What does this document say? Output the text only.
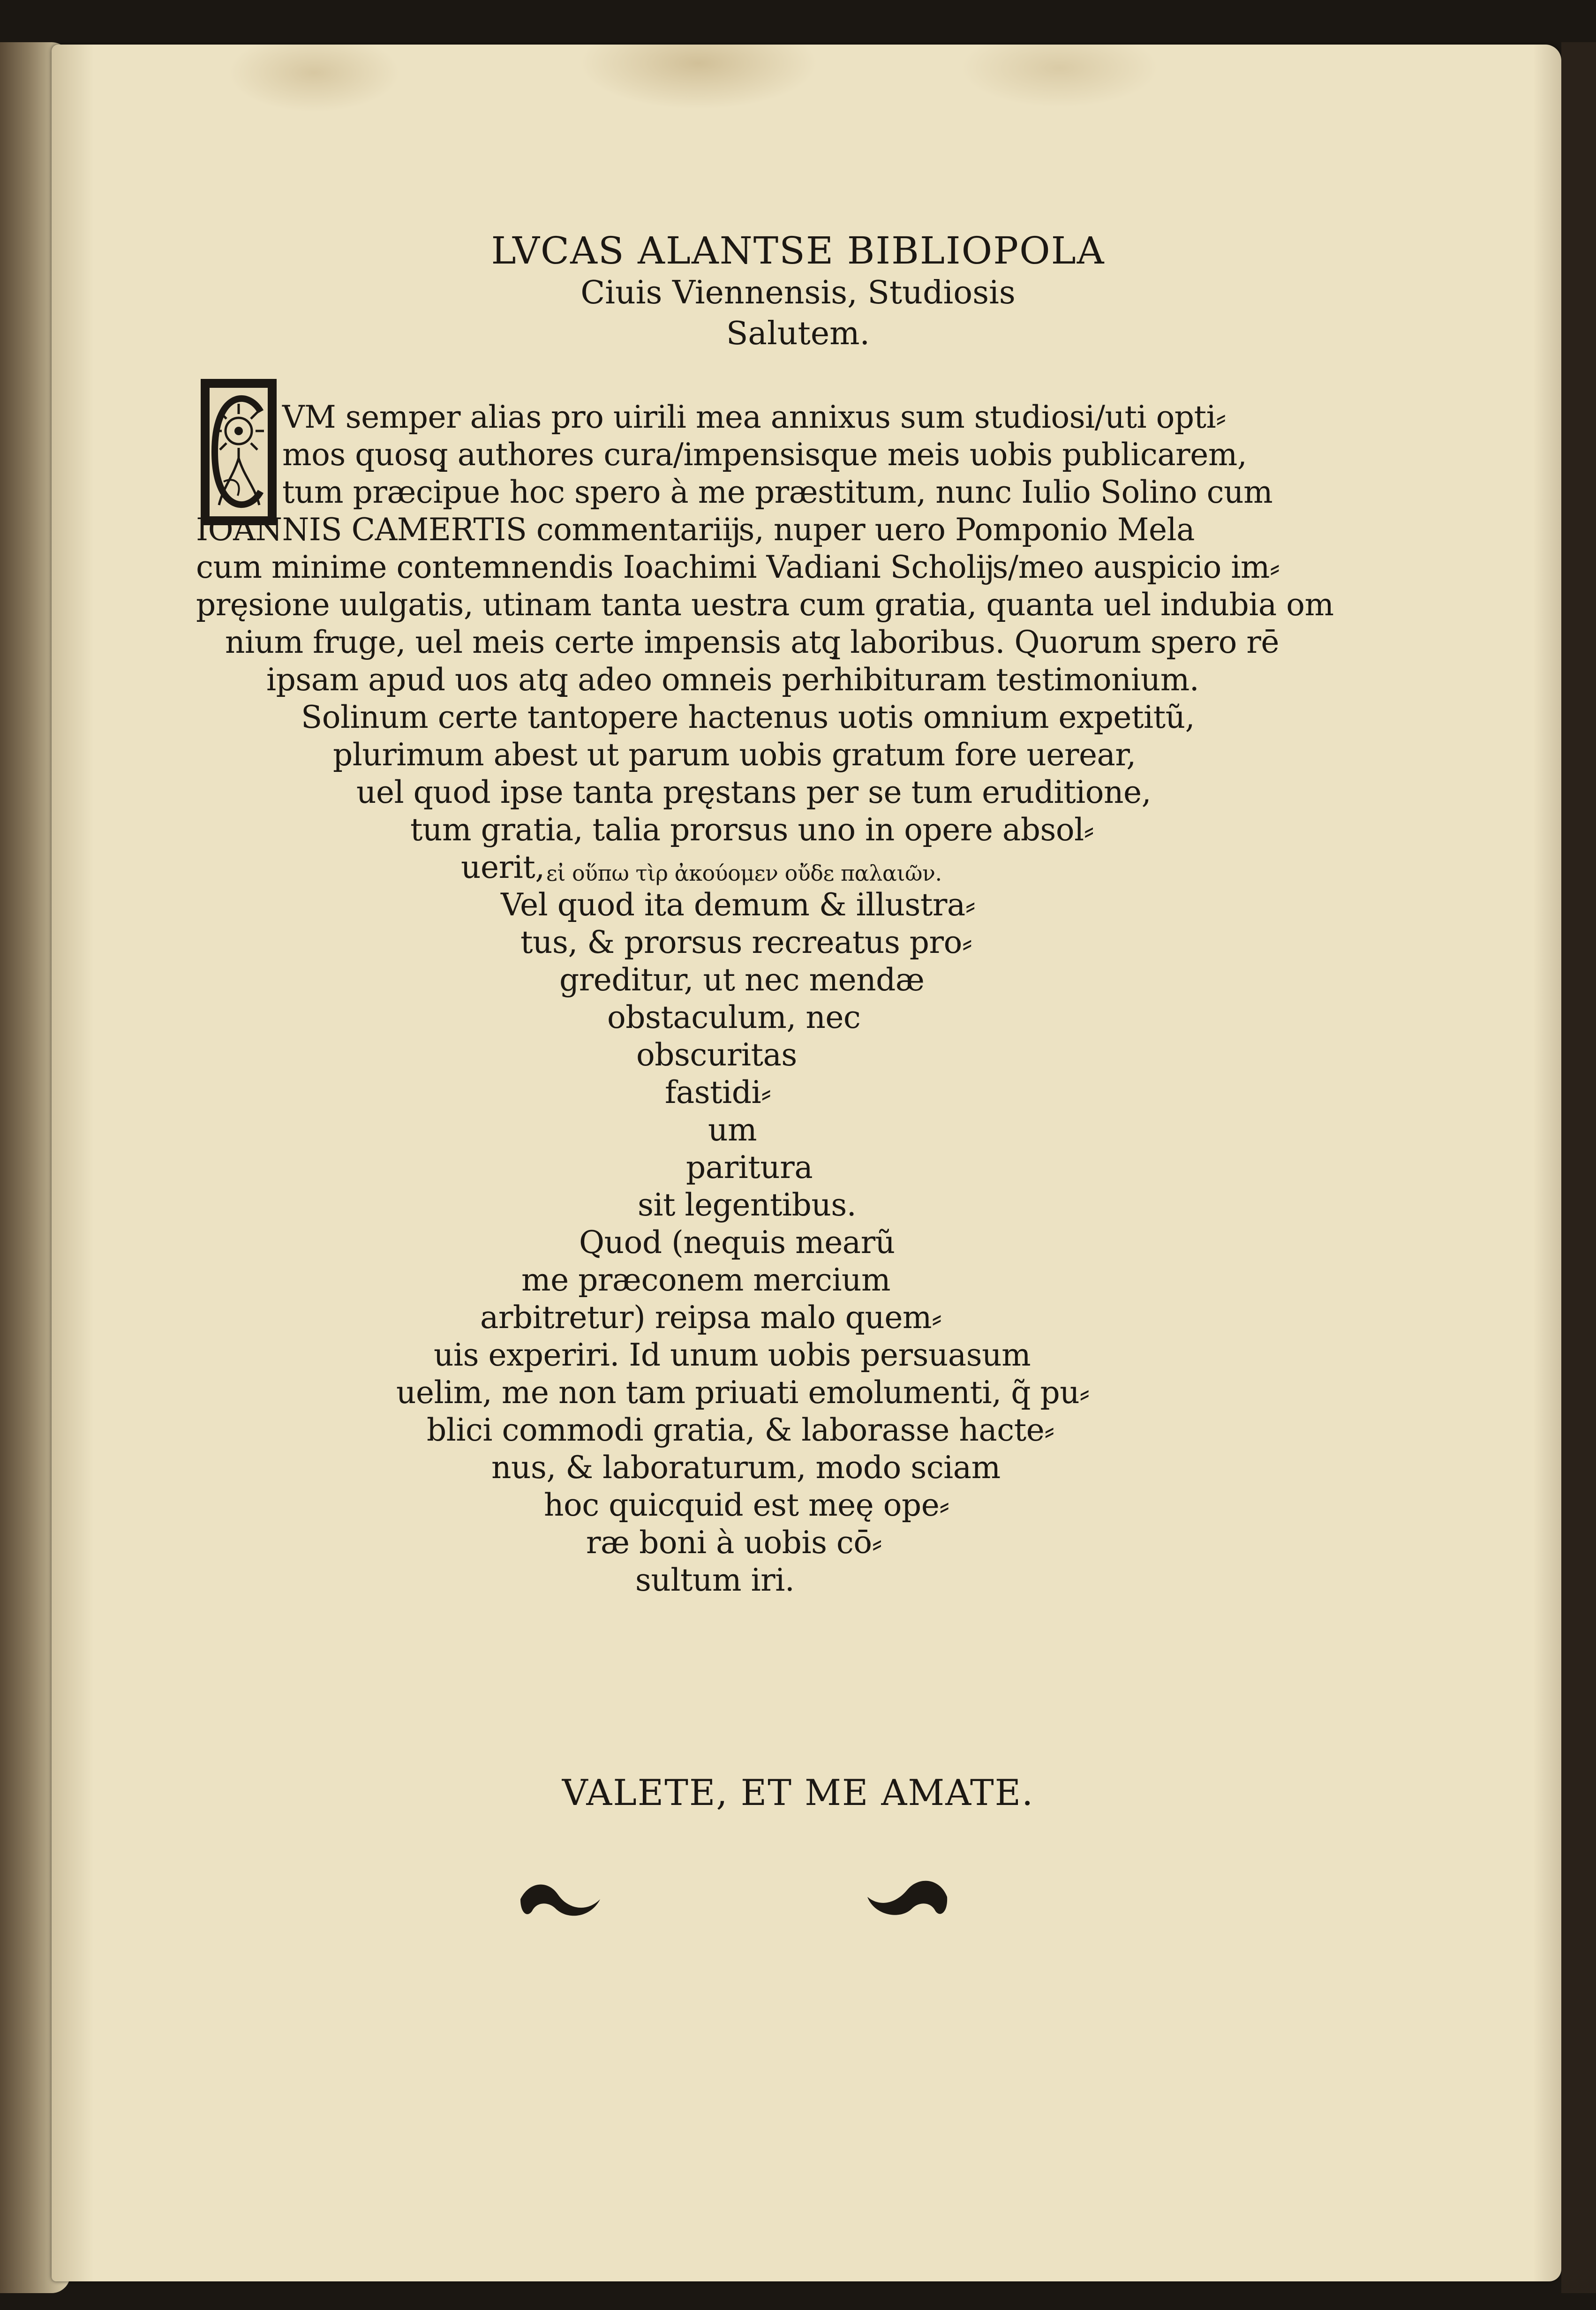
LVCAS ALANTSE BIBLIOPOLA
Ciuis Viennensis, Studiosis
Salutem.
VM semper alias pro uirili mea annixus sum studiosi/uti opti⸗
mos quosq̧ authores cura/impensisque meis uobis publicarem,
tum præcipue hoc spero à me præstitum, nunc Iulio Solino cum
IOANNIS CAMERTIS commentariĳs, nuper uero Pomponio Mela
cum minime contemnendis Ioachimi Vadiani Scholĳs/meo auspicio im⸗
pręsione uulgatis, utinam tanta uestra cum gratia, quanta uel indubia om
nium fruge, uel meis certe impensis atq̧ laboribus. Quorum spero rē
ipsam apud uos atq̧ adeo omneis perhibituram testimonium.
Solinum certe tantopere hactenus uotis omnium expetitũ,
plurimum abest ut parum uobis gratum fore uerear,
uel quod ipse tanta pręstans per se tum eruditione,
tum gratia, talia prorsus uno in opere absol⸗
uerit, εἰ οὕπω τὶρ ἀκούομεν οὔδε παλαιῶν.
Vel quod ita demum & illustra⸗
tus, & prorsus recreatus pro⸗
greditur, ut nec mendæ
obstaculum, nec
obscuritas
fastidi⸗
um
paritura
sit legentibus.
Quod (nequis mearũ
me præconem mercium
arbitretur) reipsa malo quem⸗
uis experiri. Id unum uobis persuasum
uelim, me non tam priuati emolumenti, q̃ pu⸗
blici commodi gratia, & laborasse hacte⸗
nus, & laboraturum, modo sciam
hoc quicquid est meę ope⸗
ræ boni à uobis cō⸗
sultum iri.
VALETE, ET ME AMATE.
